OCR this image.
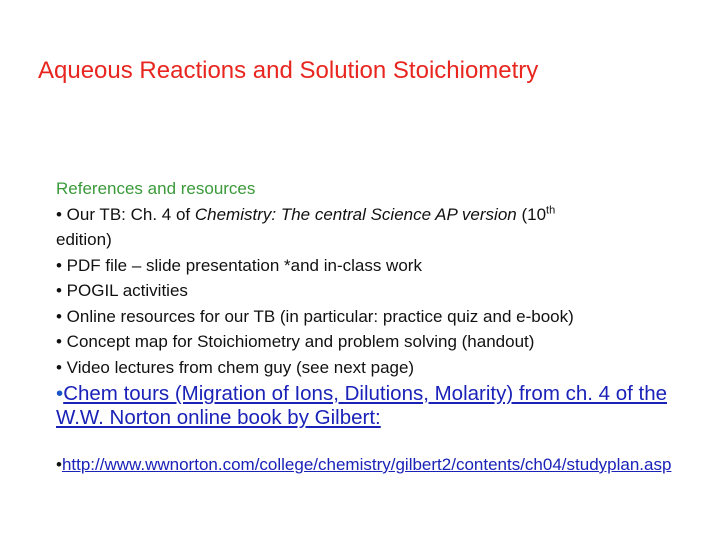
Aqueous Reactions and Solution Stoichiometry
References and resources
• Our TB: Ch. 4 of Chemistry: The central Science AP version (10th
edition)
• PDF file – slide presentation *and in-class work
• POGIL activities
• Online resources for our TB (in particular: practice quiz and e-book)
• Concept map for Stoichiometry and problem solving (handout)
• Video lectures from chem guy (see next page)
•Chem tours (Migration of Ions, Dilutions, Molarity) from ch. 4 of the W.W. Norton online book by Gilbert:
•http://www.wwnorton.com/college/chemistry/gilbert2/contents/ch04/studyplan.asp
